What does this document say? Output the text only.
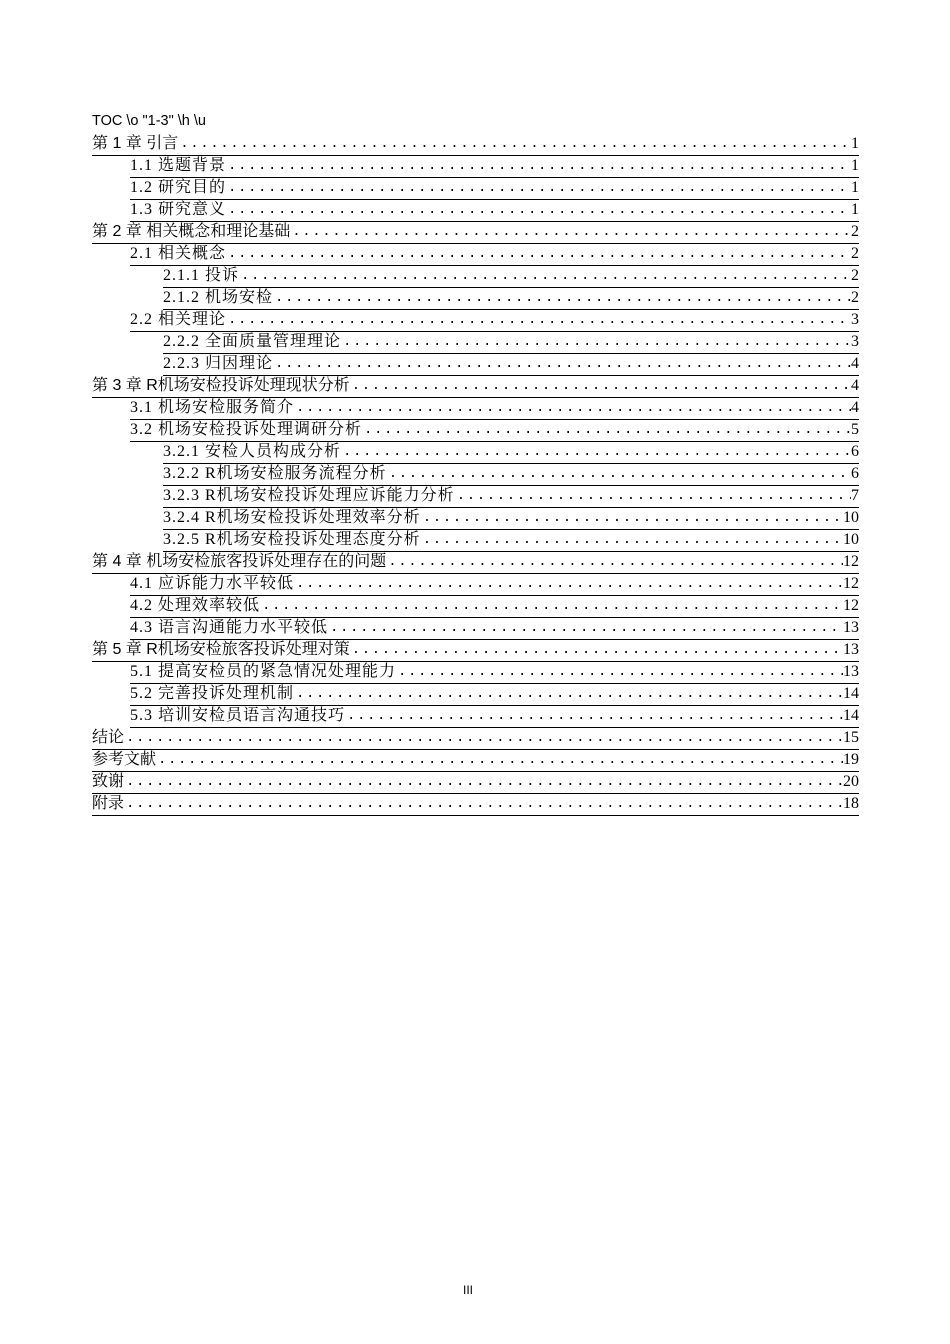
TOC \o "1-3" \h \u
第 1 章 引言 .....	1
1.1 选题背景 .....	1
1.2 研究目的 .....	1
1.3 研究意义 .....	1
第 2 章 相关概念和理论基础 .....	2
2.1 相关概念 .....	2
2.1.1 投诉 .....	2
2.1.2 机场安检 .....	2
2.2 相关理论 .....	3
2.2.2 全面质量管理理论 .....	3
2.2.3 归因理论 .....	4
第 3 章 R机场安检投诉处理现状分析 .....	4
3.1 机场安检服务简介 .....	4
3.2 机场安检投诉处理调研分析 .....	5
3.2.1 安检人员构成分析 .....	6
3.2.2 R机场安检服务流程分析 .....	6
3.2.3 R机场安检投诉处理应诉能力分析 .....	7
3.2.4 R机场安检投诉处理效率分析 .....	10
3.2.5 R机场安检投诉处理态度分析 .....	10
第 4 章 机场安检旅客投诉处理存在的问题 .....	12
4.1 应诉能力水平较低 .....	12
4.2 处理效率较低 .....	12
4.3 语言沟通能力水平较低 .....	13
第 5 章 R机场安检旅客投诉处理对策 .....	13
5.1 提高安检员的紧急情况处理能力 .....	13
5.2 完善投诉处理机制 .....	14
5.3 培训安检员语言沟通技巧 .....	14
结论 .....	15
参考文献 .....	19
致谢 .....	20
附录 .....	18
III
